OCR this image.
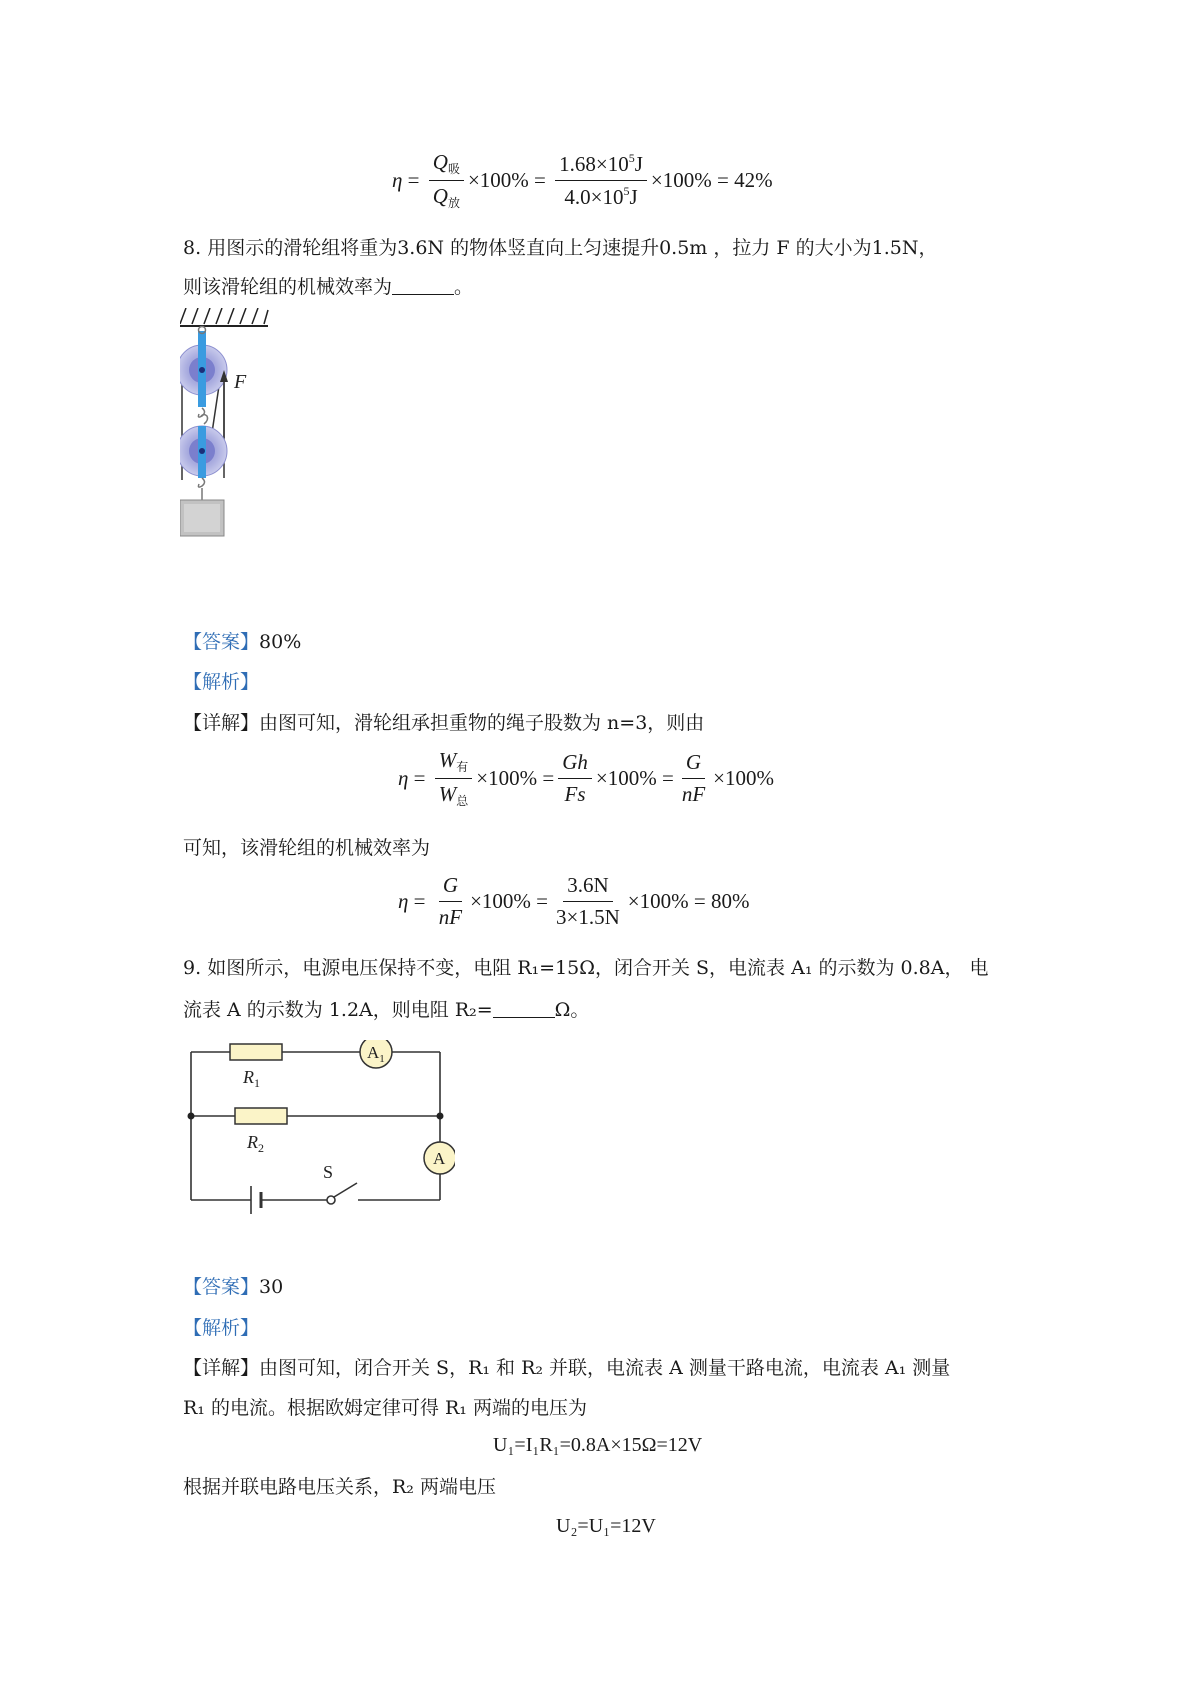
$\eta = \frac{Q_吸}{Q_放} \times 100\% = \frac{1.68\times 10^5J}{4.0\times 10^5J} \times 100\% = 42\%$
8. 用图示的滑轮组将重为3.6N 的物体竖直向上匀速提升0.5m ，拉力 F 的大小为1.5N，
则该滑轮组的机械效率为	。
F
【答案】80%
【解析】
【详解】由图可知，滑轮组承担重物的绳子股数为 n=3，则由
$\eta = \frac{W_有}{W_总} \times 100\% = \frac{Gh}{Fs} \times 100\% = \frac{G}{nF} \times 100\%$
可知，该滑轮组的机械效率为
$\eta = \frac{G}{nF} \times 100\% = \frac{3.6N}{3\times 1.5N} \times 100\% = 80\%$
9. 如图所示，电源电压保持不变，电阻 R₁=15Ω，闭合开关 S，电流表 A₁ 的示数为 0.8A， 电
流表 A 的示数为 1.2A，则电阻 R₂=	Ω。
S
$R_1$
$R_2$
$A_1$
A
【答案】30
【解析】
【详解】由图可知，闭合开关 S，R₁ 和 R₂ 并联，电流表 A 测量干路电流，电流表 A₁ 测量
R₁ 的电流。根据欧姆定律可得 R₁ 两端的电压为
U₁=I₁R₁=0.8A×15Ω=12V
根据并联电路电压关系，R₂ 两端电压
U₂=U₁=12V
